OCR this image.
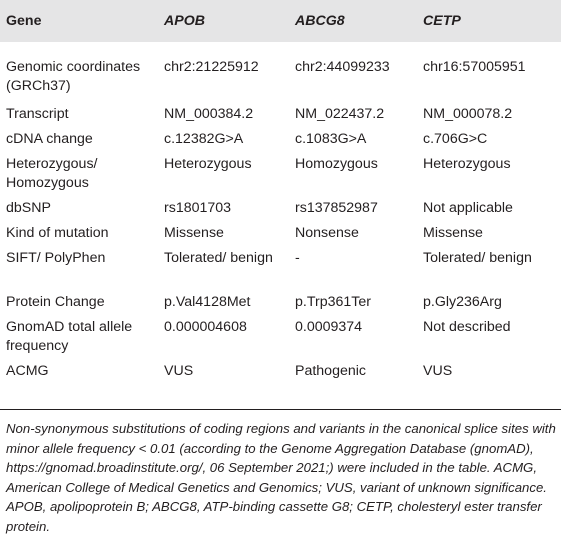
Gene	APOB	ABCG8	CETP
Genomic coordinates (GRCh37)	chr2:21225912	chr2:44099233	chr16:57005951
Transcript	NM_000384.2	NM_022437.2	NM_000078.2
cDNA change	c.12382G>A	c.1083G>A	c.706G>C
Heterozygous/ Homozygous	Heterozygous	Homozygous	Heterozygous
dbSNP	rs1801703	rs137852987	Not applicable
Kind of mutation	Missense	Nonsense	Missense
SIFT/ PolyPhen	Tolerated/ benign	-	Tolerated/ benign
Protein Change	p.Val4128Met	p.Trp361Ter	p.Gly236Arg
GnomAD total allele frequency	0.000004608	0.0009374	Not described
ACMG	VUS	Pathogenic	VUS

Non-synonymous substitutions of coding regions and variants in the canonical splice sites with minor allele frequency < 0.01 (according to the Genome Aggregation Database (gnomAD), https://gnomad.broadinstitute.org/, 06 September 2021;) were included in the table. ACMG, American College of Medical Genetics and Genomics; VUS, variant of unknown significance. APOB, apolipoprotein B; ABCG8, ATP-binding cassette G8; CETP, cholesteryl ester transfer protein.
